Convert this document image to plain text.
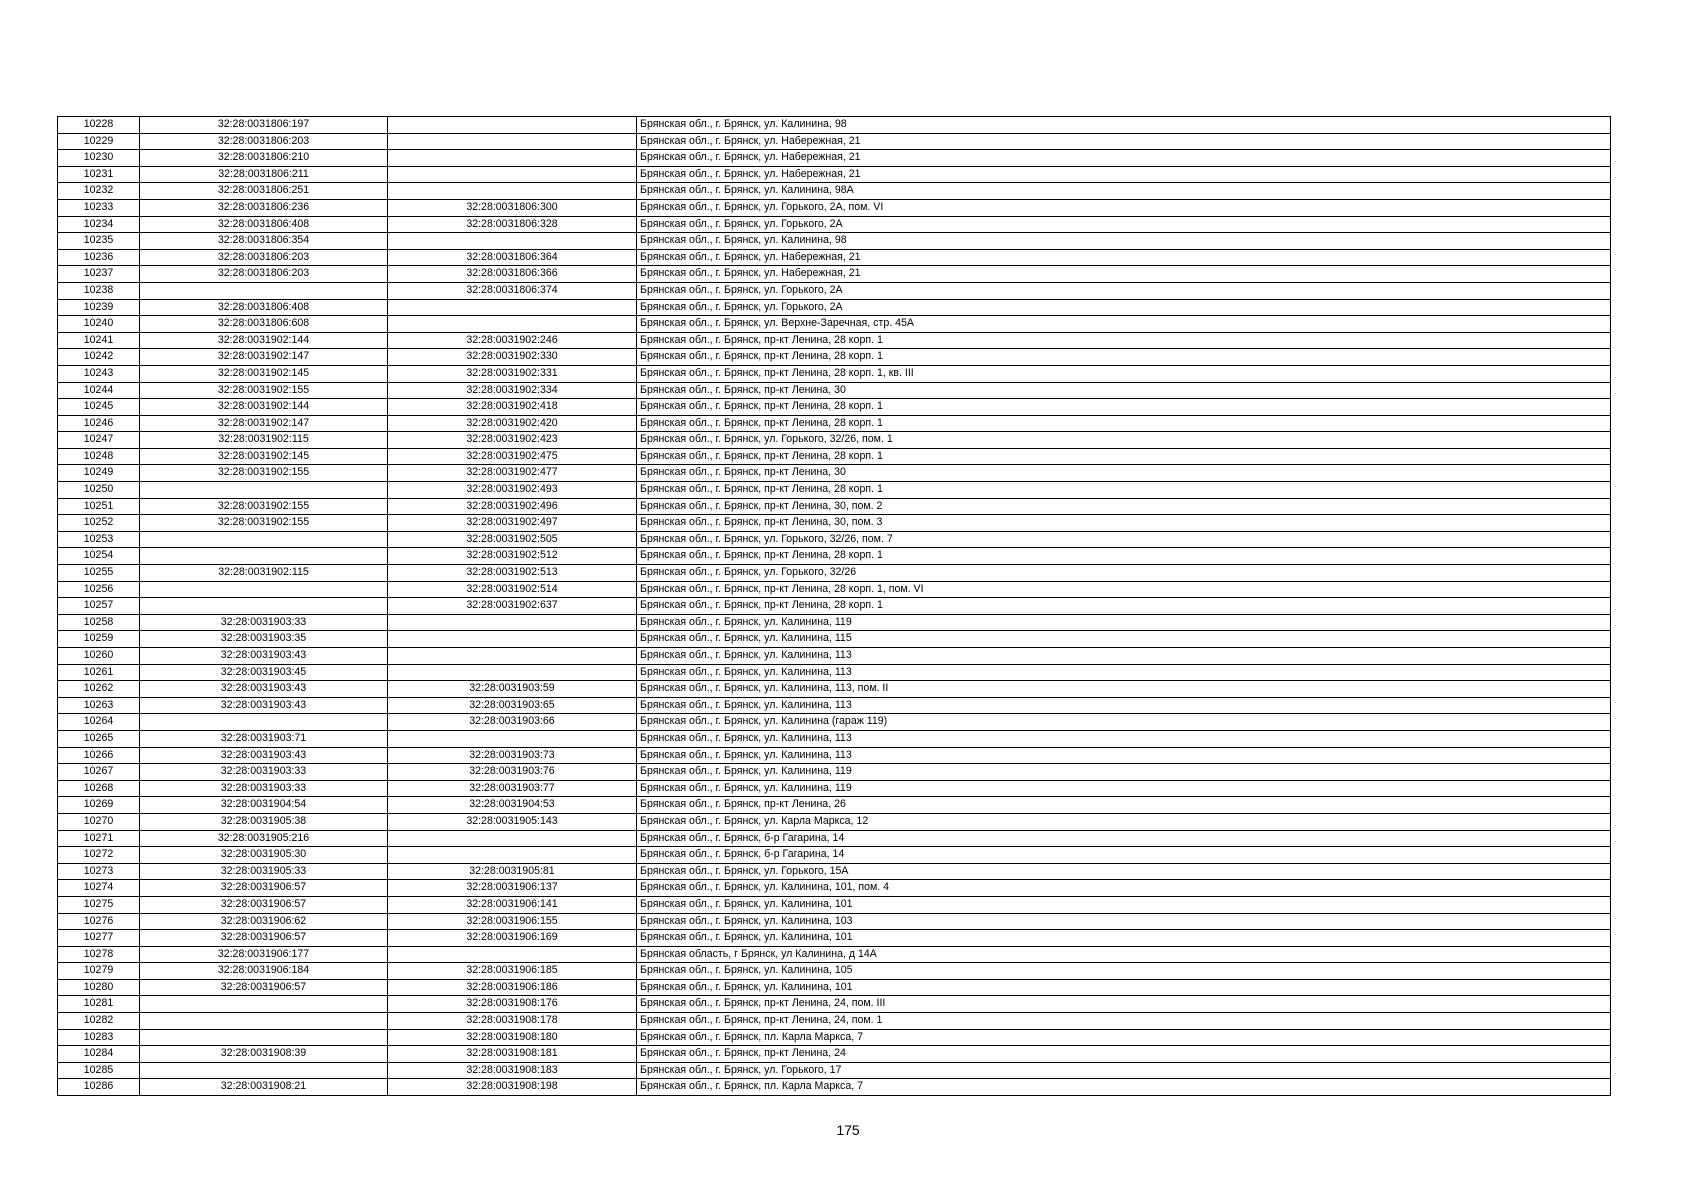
10228	32:28:0031806:197		Брянская обл., г. Брянск, ул. Калинина, 98
10229	32:28:0031806:203		Брянская обл., г. Брянск, ул. Набережная, 21
10230	32:28:0031806:210		Брянская обл., г. Брянск, ул. Набережная, 21
10231	32:28:0031806:211		Брянская обл., г. Брянск, ул. Набережная, 21
10232	32:28:0031806:251		Брянская обл., г. Брянск, ул. Калинина, 98А
10233	32:28:0031806:236	32:28:0031806:300	Брянская обл., г. Брянск, ул. Горького, 2А, пом. VI
10234	32:28:0031806:408	32:28:0031806:328	Брянская обл., г. Брянск, ул. Горького, 2А
10235	32:28:0031806:354		Брянская обл., г. Брянск, ул. Калинина, 98
10236	32:28:0031806:203	32:28:0031806:364	Брянская обл., г. Брянск, ул. Набережная, 21
10237	32:28:0031806:203	32:28:0031806:366	Брянская обл., г. Брянск, ул. Набережная, 21
10238		32:28:0031806:374	Брянская обл., г. Брянск, ул. Горького, 2А
10239	32:28:0031806:408		Брянская обл., г. Брянск, ул. Горького, 2А
10240	32:28:0031806:608		Брянская обл., г. Брянск, ул. Верхне-Заречная, стр. 45А
10241	32:28:0031902:144	32:28:0031902:246	Брянская обл., г. Брянск, пр-кт Ленина, 28 корп. 1
10242	32:28:0031902:147	32:28:0031902:330	Брянская обл., г. Брянск, пр-кт Ленина, 28 корп. 1
10243	32:28:0031902:145	32:28:0031902:331	Брянская обл., г. Брянск, пр-кт Ленина, 28 корп. 1, кв. III
10244	32:28:0031902:155	32:28:0031902:334	Брянская обл., г. Брянск, пр-кт Ленина, 30
10245	32:28:0031902:144	32:28:0031902:418	Брянская обл., г. Брянск, пр-кт Ленина, 28 корп. 1
10246	32:28:0031902:147	32:28:0031902:420	Брянская обл., г. Брянск, пр-кт Ленина, 28 корп. 1
10247	32:28:0031902:115	32:28:0031902:423	Брянская обл., г. Брянск, ул. Горького, 32/26, пом. 1
10248	32:28:0031902:145	32:28:0031902:475	Брянская обл., г. Брянск, пр-кт Ленина, 28 корп. 1
10249	32:28:0031902:155	32:28:0031902:477	Брянская обл., г. Брянск, пр-кт Ленина, 30
10250		32:28:0031902:493	Брянская обл., г. Брянск, пр-кт Ленина, 28 корп. 1
10251	32:28:0031902:155	32:28:0031902:496	Брянская обл., г. Брянск, пр-кт Ленина, 30, пом. 2
10252	32:28:0031902:155	32:28:0031902:497	Брянская обл., г. Брянск, пр-кт Ленина, 30, пом. 3
10253		32:28:0031902:505	Брянская обл., г. Брянск, ул. Горького, 32/26, пом. 7
10254		32:28:0031902:512	Брянская обл., г. Брянск, пр-кт Ленина, 28 корп. 1
10255	32:28:0031902:115	32:28:0031902:513	Брянская обл., г. Брянск, ул. Горького, 32/26
10256		32:28:0031902:514	Брянская обл., г. Брянск, пр-кт Ленина, 28 корп. 1, пом. VI
10257		32:28:0031902:637	Брянская обл., г. Брянск, пр-кт Ленина, 28 корп. 1
10258	32:28:0031903:33		Брянская обл., г. Брянск, ул. Калинина, 119
10259	32:28:0031903:35		Брянская обл., г. Брянск, ул. Калинина, 115
10260	32:28:0031903:43		Брянская обл., г. Брянск, ул. Калинина, 113
10261	32:28:0031903:45		Брянская обл., г. Брянск, ул. Калинина, 113
10262	32:28:0031903:43	32:28:0031903:59	Брянская обл., г. Брянск, ул. Калинина, 113, пом. II
10263	32:28:0031903:43	32:28:0031903:65	Брянская обл., г. Брянск, ул. Калинина, 113
10264		32:28:0031903:66	Брянская обл., г. Брянск, ул. Калинина (гараж 119)
10265	32:28:0031903:71		Брянская обл., г. Брянск, ул. Калинина, 113
10266	32:28:0031903:43	32:28:0031903:73	Брянская обл., г. Брянск, ул. Калинина, 113
10267	32:28:0031903:33	32:28:0031903:76	Брянская обл., г. Брянск, ул. Калинина, 119
10268	32:28:0031903:33	32:28:0031903:77	Брянская обл., г. Брянск, ул. Калинина, 119
10269	32:28:0031904:54	32:28:0031904:53	Брянская обл., г. Брянск, пр-кт Ленина, 26
10270	32:28:0031905:38	32:28:0031905:143	Брянская обл., г. Брянск, ул. Карла Маркса, 12
10271	32:28:0031905:216		Брянская обл., г. Брянск, б-р Гагарина, 14
10272	32:28:0031905:30		Брянская обл., г. Брянск, б-р Гагарина, 14
10273	32:28:0031905:33	32:28:0031905:81	Брянская обл., г. Брянск, ул. Горького, 15А
10274	32:28:0031906:57	32:28:0031906:137	Брянская обл., г. Брянск, ул. Калинина, 101, пом. 4
10275	32:28:0031906:57	32:28:0031906:141	Брянская обл., г. Брянск, ул. Калинина, 101
10276	32:28:0031906:62	32:28:0031906:155	Брянская обл., г. Брянск, ул. Калинина, 103
10277	32:28:0031906:57	32:28:0031906:169	Брянская обл., г. Брянск, ул. Калинина, 101
10278	32:28:0031906:177		Брянская область, г Брянск, ул Калинина, д 14А
10279	32:28:0031906:184	32:28:0031906:185	Брянская обл., г. Брянск, ул. Калинина, 105
10280	32:28:0031906:57	32:28:0031906:186	Брянская обл., г. Брянск, ул. Калинина, 101
10281		32:28:0031908:176	Брянская обл., г. Брянск, пр-кт Ленина, 24, пом. III
10282		32:28:0031908:178	Брянская обл., г. Брянск, пр-кт Ленина, 24, пом. 1
10283		32:28:0031908:180	Брянская обл., г. Брянск, пл. Карла Маркса, 7
10284	32:28:0031908:39	32:28:0031908:181	Брянская обл., г. Брянск, пр-кт Ленина, 24
10285		32:28:0031908:183	Брянская обл., г. Брянск, ул. Горького, 17
10286	32:28:0031908:21	32:28:0031908:198	Брянская обл., г. Брянск, пл. Карла Маркса, 7
175
